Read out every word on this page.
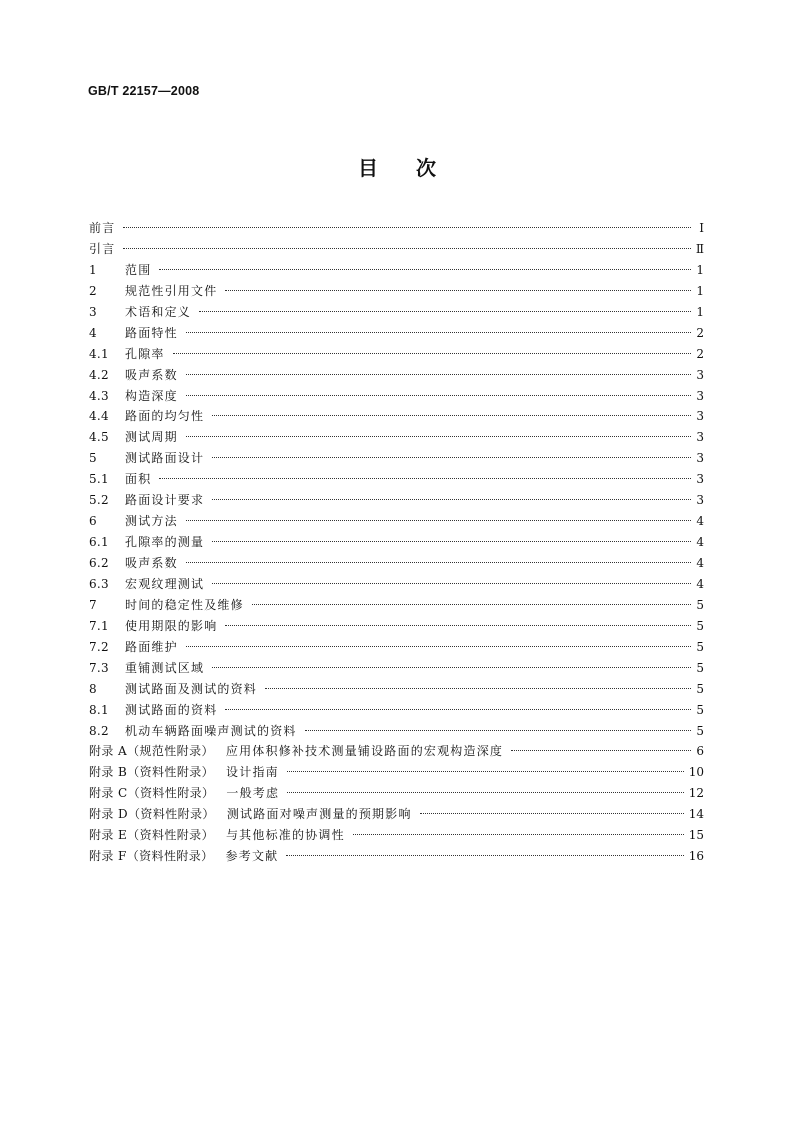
GB/T 22157—2008
目次
前言	I
引言	Ⅱ
1	范围	1
2	规范性引用文件	1
3	术语和定义	1
4	路面特性	2
4.1	孔隙率	2
4.2	吸声系数	3
4.3	构造深度	3
4.4	路面的均匀性	3
4.5	测试周期	3
5	测试路面设计	3
5.1	面积	3
5.2	路面设计要求	3
6	测试方法	4
6.1	孔隙率的测量	4
6.2	吸声系数	4
6.3	宏观纹理测试	4
7	时间的稳定性及维修	5
7.1	使用期限的影响	5
7.2	路面维护	5
7.3	重铺测试区域	5
8	测试路面及测试的资料	5
8.1	测试路面的资料	5
8.2	机动车辆路面噪声测试的资料	5
附录 A（规范性附录） 应用体积修补技术测量铺设路面的宏观构造深度	6
附录 B（资料性附录） 设计指南	10
附录 C（资料性附录） 一般考虑	12
附录 D（资料性附录） 测试路面对噪声测量的预期影响	14
附录 E（资料性附录） 与其他标准的协调性	15
附录 F（资料性附录） 参考文献	16
